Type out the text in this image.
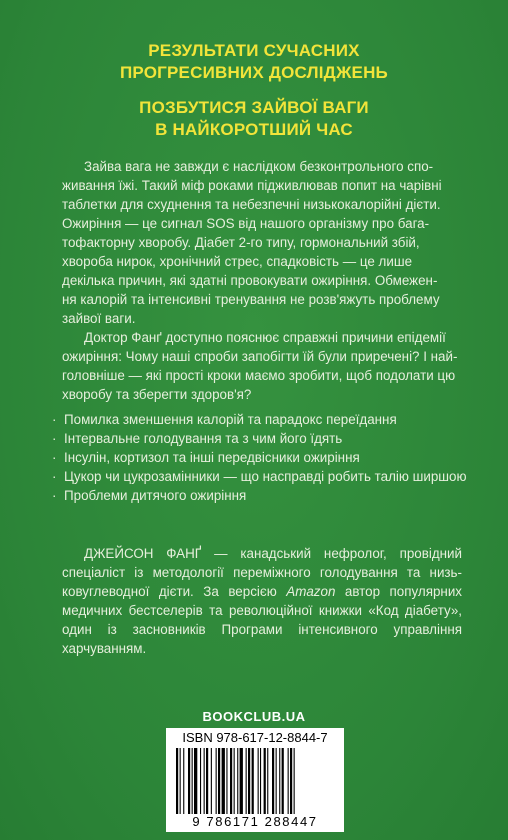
РЕЗУЛЬТАТИ СУЧАСНИХ
ПРОГРЕСИВНИХ ДОСЛІДЖЕНЬ
ПОЗБУТИСЯ ЗАЙВОЇ ВАГИ
В НАЙКОРОТШИЙ ЧАС
Зайва вага не завжди є наслідком безконтрольного спо-
живання їжі. Такий міф роками підживлював попит на чарівні
таблетки для схуднення та небезпечні низькокалорійні дієти.
Ожиріння — це сигнал SOS від нашого організму про бага-
тофакторну хворобу. Діабет 2-го типу, гормональний збій,
хвороба нирок, хронічний стрес, спадковість — це лише
декілька причин, які здатні провокувати ожиріння. Обмежен-
ня калорій та інтенсивні тренування не розв'яжуть проблему
зайвої ваги.
Доктор Фанґ доступно пояснює справжні причини епідемії
ожиріння: Чому наші спроби запобігти їй були приречені? І най-
головніше — які прості кроки маємо зробити, щоб подолати цю
хворобу та зберегти здоров'я?
· Помилка зменшення калорій та парадокс переїдання
· Інтервальне голодування та з чим його їдять
· Інсулін, кортизол та інші передвісники ожиріння
· Цукор чи цукрозамінники — що насправді робить талію ширшою
· Проблеми дитячого ожиріння
ДЖЕЙСОН ФАНҐ — канадський нефролог, провідний спеціаліст із методології переміжного голодування та низь-ковуглеводної дієти. За версією Amazon автор популярних медичних бестселерів та революційної книжки «Код діабету», один із засновників Програми інтенсивного управління харчуванням.
BOOKCLUB.UA
ISBN 978-617-12-8844-7
9 786171 288447
